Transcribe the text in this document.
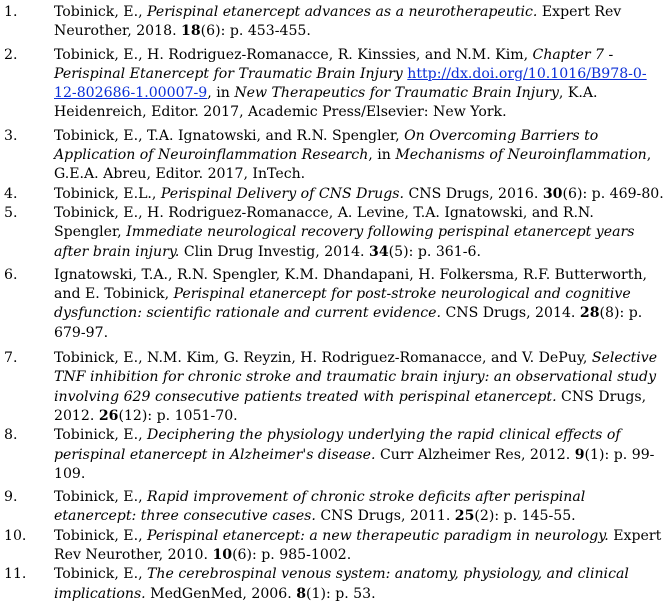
1.	Tobinick, E., Perispinal etanercept advances as a neurotherapeutic. Expert Rev Neurother, 2018. 18(6): p. 453-455.
2.	Tobinick, E., H. Rodriguez-Romanacce, R. Kinssies, and N.M. Kim, Chapter 7 - Perispinal Etanercept for Traumatic Brain Injury http://dx.doi.org/10.1016/B978-0-12-802686-1.00007-9, in New Therapeutics for Traumatic Brain Injury, K.A. Heidenreich, Editor. 2017, Academic Press/Elsevier: New York.
3.	Tobinick, E., T.A. Ignatowski, and R.N. Spengler, On Overcoming Barriers to Application of Neuroinflammation Research, in Mechanisms of Neuroinflammation, G.E.A. Abreu, Editor. 2017, InTech.
4.	Tobinick, E.L., Perispinal Delivery of CNS Drugs. CNS Drugs, 2016. 30(6): p. 469-80.
5.	Tobinick, E., H. Rodriguez-Romanacce, A. Levine, T.A. Ignatowski, and R.N. Spengler, Immediate neurological recovery following perispinal etanercept years after brain injury. Clin Drug Investig, 2014. 34(5): p. 361-6.
6.	Ignatowski, T.A., R.N. Spengler, K.M. Dhandapani, H. Folkersma, R.F. Butterworth, and E. Tobinick, Perispinal etanercept for post-stroke neurological and cognitive dysfunction: scientific rationale and current evidence. CNS Drugs, 2014. 28(8): p. 679-97.
7.	Tobinick, E., N.M. Kim, G. Reyzin, H. Rodriguez-Romanacce, and V. DePuy, Selective TNF inhibition for chronic stroke and traumatic brain injury: an observational study involving 629 consecutive patients treated with perispinal etanercept. CNS Drugs, 2012. 26(12): p. 1051-70.
8.	Tobinick, E., Deciphering the physiology underlying the rapid clinical effects of perispinal etanercept in Alzheimer's disease. Curr Alzheimer Res, 2012. 9(1): p. 99-109.
9.	Tobinick, E., Rapid improvement of chronic stroke deficits after perispinal etanercept: three consecutive cases. CNS Drugs, 2011. 25(2): p. 145-55.
10.	Tobinick, E., Perispinal etanercept: a new therapeutic paradigm in neurology. Expert Rev Neurother, 2010. 10(6): p. 985-1002.
11.	Tobinick, E., The cerebrospinal venous system: anatomy, physiology, and clinical implications. MedGenMed, 2006. 8(1): p. 53.
